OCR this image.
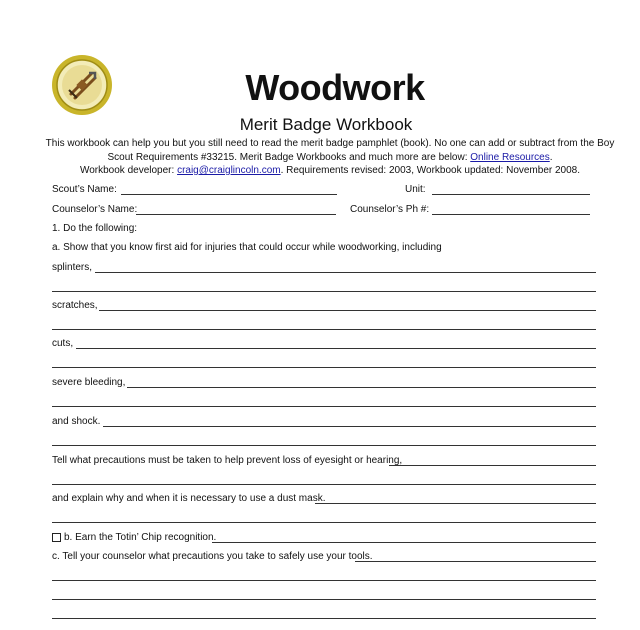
Woodwork
Merit Badge Workbook
This workbook can help you but you still need to read the merit badge pamphlet (book). No one can add or subtract from the Boy
Scout Requirements #33215. Merit Badge Workbooks and much more are below: Online Resources.
Workbook developer: craig@craiglincoln.com. Requirements revised: 2003, Workbook updated: November 2008.
Scout’s Name:	Unit:
Counselor’s Name:	Counselor’s Ph #:
1. Do the following:
a. Show that you know first aid for injuries that could occur while woodworking, including
splinters,
scratches,
cuts,
severe bleeding,
and shock.
Tell what precautions must be taken to help prevent loss of eyesight or hearing,
and explain why and when it is necessary to use a dust mask.
b. Earn the Totin’ Chip recognition.
c. Tell your counselor what precautions you take to safely use your tools.
